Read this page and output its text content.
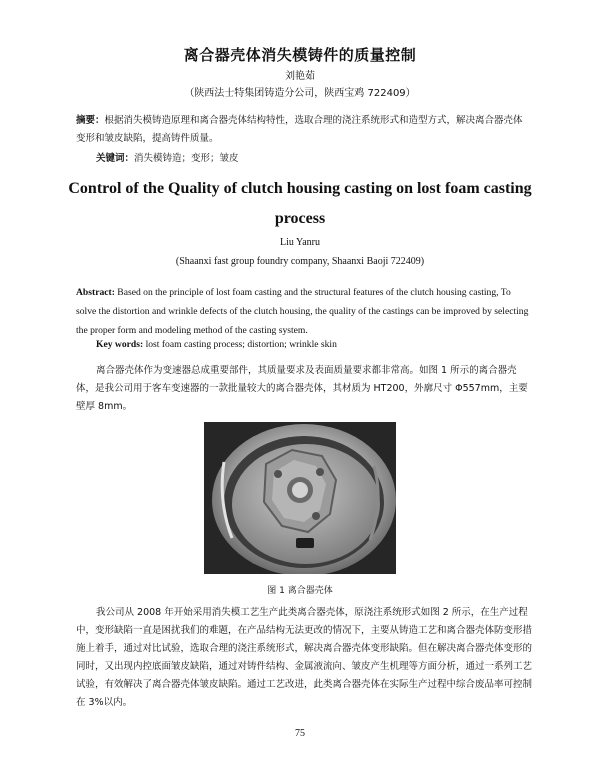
离合器壳体消失模铸件的质量控制
刘艳茹
（陕西法士特集团铸造分公司，陕西宝鸡 722409）
摘要：根据消失模铸造原理和离合器壳体结构特性，选取合理的浇注系统形式和造型方式，解决离合器壳体变形和皱皮缺陷，提高铸件质量。
关键词：消失模铸造；变形；皱皮
Control of the Quality of clutch housing casting on lost foam casting process
Liu Yanru
(Shaanxi fast group foundry company, Shaanxi Baoji 722409)
Abstract: Based on the principle of lost foam casting and the structural features of the clutch housing casting, To solve the distortion and wrinkle defects of the clutch housing, the quality of the castings can be improved by selecting the proper form and modeling method of the casting system.
Key words: lost foam casting process; distortion; wrinkle skin
离合器壳体作为变速器总成重要部件，其质量要求及表面质量要求都非常高。如图 1 所示的离合器壳体，是我公司用于客车变速器的一款批量较大的离合器壳体，其材质为 HT200，外廓尺寸 Φ557mm，主要壁厚 8mm。
图 1 离合器壳体
我公司从 2008 年开始采用消失模工艺生产此类离合器壳体，原浇注系统形式如图 2 所示，在生产过程中，变形缺陷一直是困扰我们的难题，在产品结构无法更改的情况下，主要从铸造工艺和离合器壳体防变形措施上着手，通过对比试验，选取合理的浇注系统形式，解决离合器壳体变形缺陷。但在解决离合器壳体变形的同时，又出现内控底面皱皮缺陷，通过对铸件结构、金属液流向、皱皮产生机理等方面分析，通过一系列工艺试验，有效解决了离合器壳体皱皮缺陷。通过工艺改进，此类离合器壳体在实际生产过程中综合废品率可控制在 3%以内。
75
